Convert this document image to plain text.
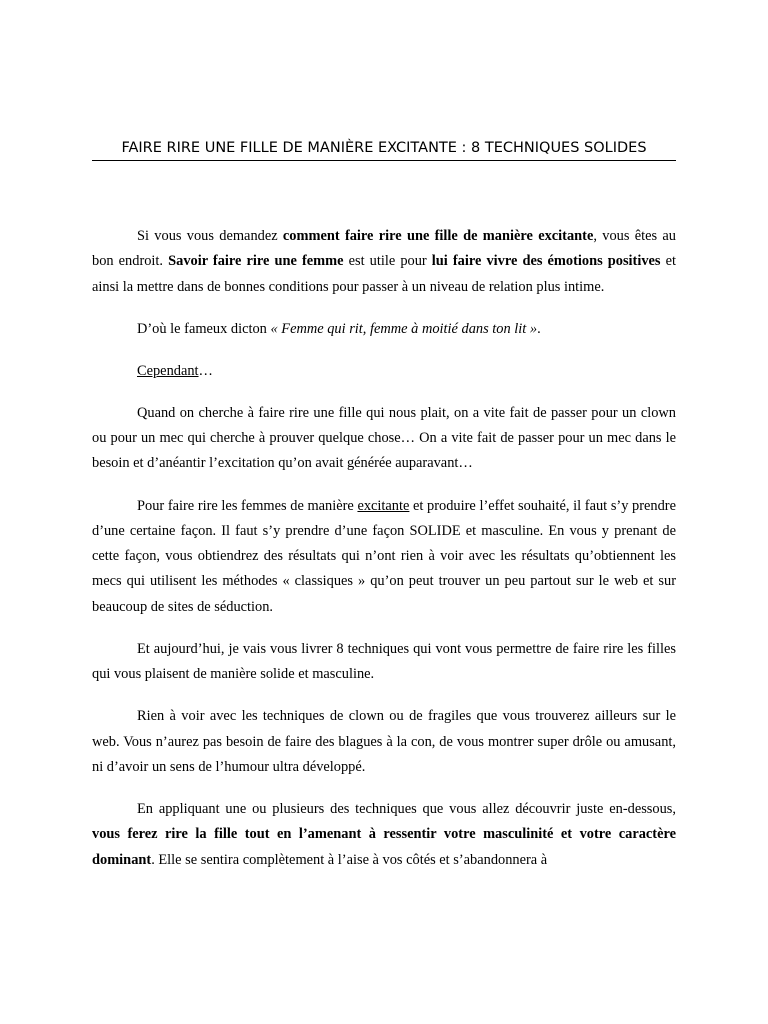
FAIRE RIRE UNE FILLE DE MANIÈRE EXCITANTE : 8 TECHNIQUES SOLIDES

Si vous vous demandez comment faire rire une fille de manière excitante, vous êtes au bon endroit. Savoir faire rire une femme est utile pour lui faire vivre des émotions positives et ainsi la mettre dans de bonnes conditions pour passer à un niveau de relation plus intime.

D’où le fameux dicton « Femme qui rit, femme à moitié dans ton lit ».

Cependant…

Quand on cherche à faire rire une fille qui nous plait, on a vite fait de passer pour un clown ou pour un mec qui cherche à prouver quelque chose… On a vite fait de passer pour un mec dans le besoin et d’anéantir l’excitation qu’on avait générée auparavant…

Pour faire rire les femmes de manière excitante et produire l’effet souhaité, il faut s’y prendre d’une certaine façon. Il faut s’y prendre d’une façon SOLIDE et masculine. En vous y prenant de cette façon, vous obtiendrez des résultats qui n’ont rien à voir avec les résultats qu’obtiennent les mecs qui utilisent les méthodes « classiques » qu’on peut trouver un peu partout sur le web et sur beaucoup de sites de séduction.

Et aujourd’hui, je vais vous livrer 8 techniques qui vont vous permettre de faire rire les filles qui vous plaisent de manière solide et masculine.

Rien à voir avec les techniques de clown ou de fragiles que vous trouverez ailleurs sur le web. Vous n’aurez pas besoin de faire des blagues à la con, de vous montrer super drôle ou amusant, ni d’avoir un sens de l’humour ultra développé.

En appliquant une ou plusieurs des techniques que vous allez découvrir juste en-dessous, vous ferez rire la fille tout en l’amenant à ressentir votre masculinité et votre caractère dominant. Elle se sentira complètement à l’aise à vos côtés et s’abandonnera à
